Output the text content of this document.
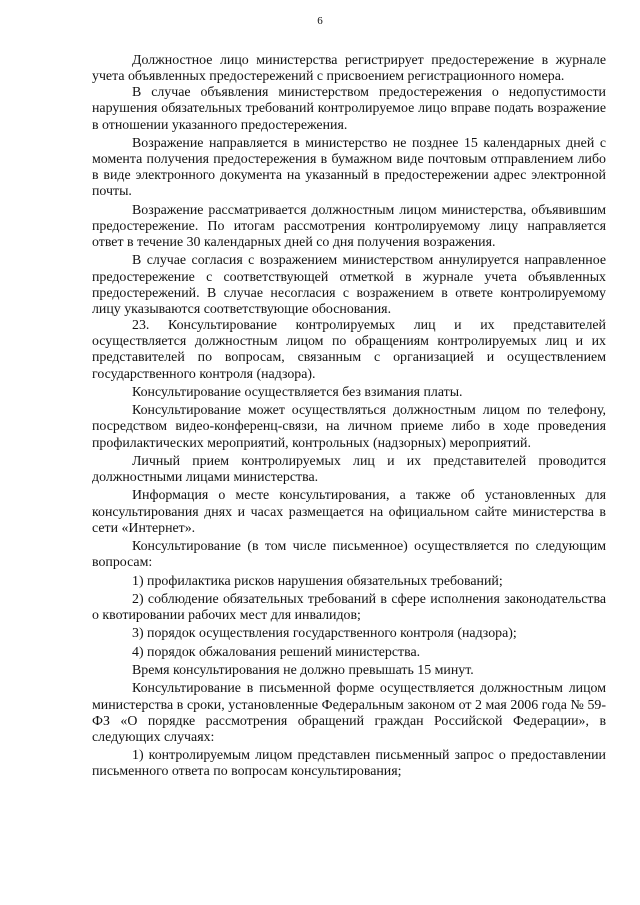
6

Должностное лицо министерства регистрирует предостережение в журнале учета объявленных предостережений с присвоением регистрационного номера.

В случае объявления министерством предостережения о недопустимости нарушения обязательных требований контролируемое лицо вправе подать возражение в отношении указанного предостережения.

Возражение направляется в министерство не позднее 15 календарных дней с момента получения предостережения в бумажном виде почтовым отправлением либо в виде электронного документа на указанный в предостережении адрес электронной почты.

Возражение рассматривается должностным лицом министерства, объявившим предостережение. По итогам рассмотрения контролируемому лицу направляется ответ в течение 30 календарных дней со дня получения возражения.

В случае согласия с возражением министерством аннулируется направленное предостережение с соответствующей отметкой в журнале учета объявленных предостережений. В случае несогласия с возражением в ответе контролируемому лицу указываются соответствующие обоснования.

23. Консультирование контролируемых лиц и их представителей осуществляется должностным лицом по обращениям контролируемых лиц и их представителей по вопросам, связанным с организацией и осуществлением государственного контроля (надзора).

Консультирование осуществляется без взимания платы.

Консультирование может осуществляться должностным лицом по телефону, посредством видео-конференц-связи, на личном приеме либо в ходе проведения профилактических мероприятий, контрольных (надзорных) мероприятий.

Личный прием контролируемых лиц и их представителей проводится должностными лицами министерства.

Информация о месте консультирования, а также об установленных для консультирования днях и часах размещается на официальном сайте министерства в сети «Интернет».

Консультирование (в том числе письменное) осуществляется по следующим вопросам:

1) профилактика рисков нарушения обязательных требований;

2) соблюдение обязательных требований в сфере исполнения законодательства о квотировании рабочих мест для инвалидов;

3) порядок осуществления государственного контроля (надзора);

4) порядок обжалования решений министерства.

Время консультирования не должно превышать 15 минут.

Консультирование в письменной форме осуществляется должностным лицом министерства в сроки, установленные Федеральным законом от 2 мая 2006 года № 59-ФЗ «О порядке рассмотрения обращений граждан Российской Федерации», в следующих случаях:

1) контролируемым лицом представлен письменный запрос о предоставлении письменного ответа по вопросам консультирования;
